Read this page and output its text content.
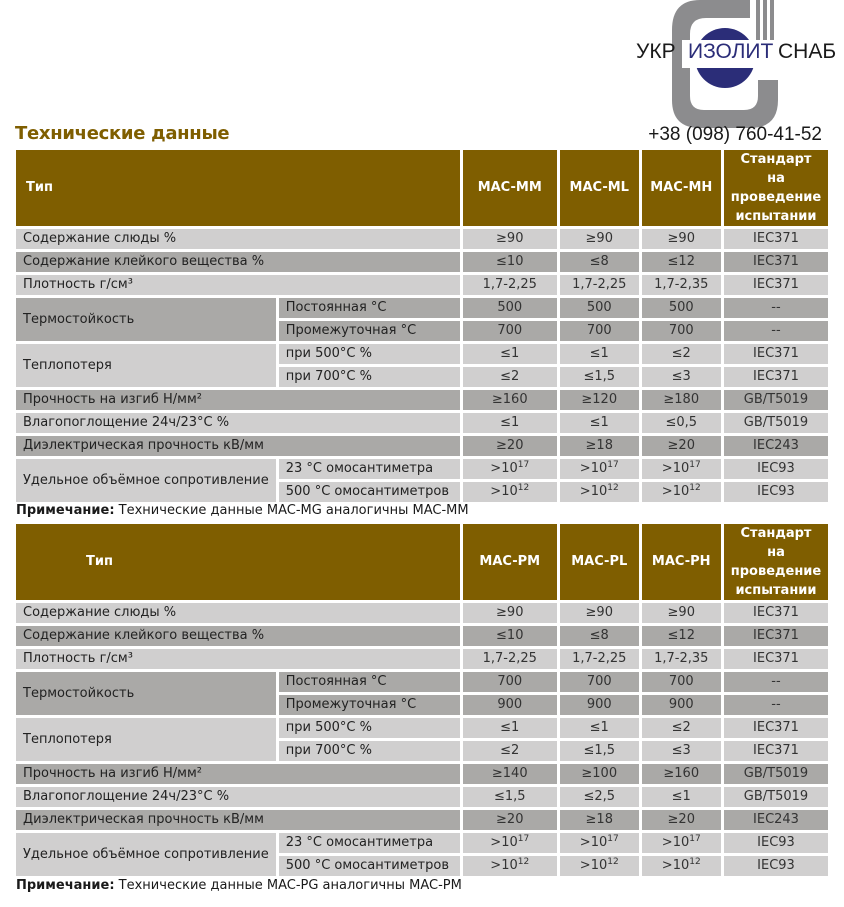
УКР ИЗОЛИТ СНАБ
Технические данные	+38 (098) 760-41-52
Тип		MAC-MM	MAC-ML	MAC-MH	Стандарт на проведение испытании
Содержание слюды %		≥90	≥90	≥90	IEC371
Содержание клейкого вещества %		≤10	≤8	≤12	IEC371
Плотность г/см³		1,7-2,25	1,7-2,25	1,7-2,35	IEC371
Термостойкость	Постоянная °C	500	500	500	--
	Промежуточная °C	700	700	700	--
Теплопотеря	при 500°C %	≤1	≤1	≤2	IEC371
	при 700°C %	≤2	≤1,5	≤3	IEC371
Прочность на изгиб Н/мм²		≥160	≥120	≥180	GB/T5019
Влагопоглощение 24ч/23°C %		≤1	≤1	≤0,5	GB/T5019
Диэлектрическая прочность кВ/мм		≥20	≥18	≥20	IEC243
Удельное объёмное сопротивление	23 °C омосантиметра	$>10^{17}$	$>10^{17}$	$>10^{17}$	IEC93
	500 °C омосантиметров	$>10^{12}$	$>10^{12}$	$>10^{12}$	IEC93
Примечание: Технические данные MAC-MG аналогичны MAC-MM
Тип		MAC-PM	MAC-PL	MAC-PH	Стандарт на проведение испытании
Содержание слюды %		≥90	≥90	≥90	IEC371
Содержание клейкого вещества %		≤10	≤8	≤12	IEC371
Плотность г/см³		1,7-2,25	1,7-2,25	1,7-2,35	IEC371
Термостойкость	Постоянная °C	700	700	700	--
	Промежуточная °C	900	900	900	--
Теплопотеря	при 500°C %	≤1	≤1	≤2	IEC371
	при 700°C %	≤2	≤1,5	≤3	IEC371
Прочность на изгиб Н/мм²		≥140	≥100	≥160	GB/T5019
Влагопоглощение 24ч/23°C %		≤1,5	≤2,5	≤1	GB/T5019
Диэлектрическая прочность кВ/мм		≥20	≥18	≥20	IEC243
Удельное объёмное сопротивление	23 °C омосантиметра	$>10^{17}$	$>10^{17}$	$>10^{17}$	IEC93
	500 °C омосантиметров	$>10^{12}$	$>10^{12}$	$>10^{12}$	IEC93
Примечание: Технические данные MAC-PG аналогичны MAC-PM
